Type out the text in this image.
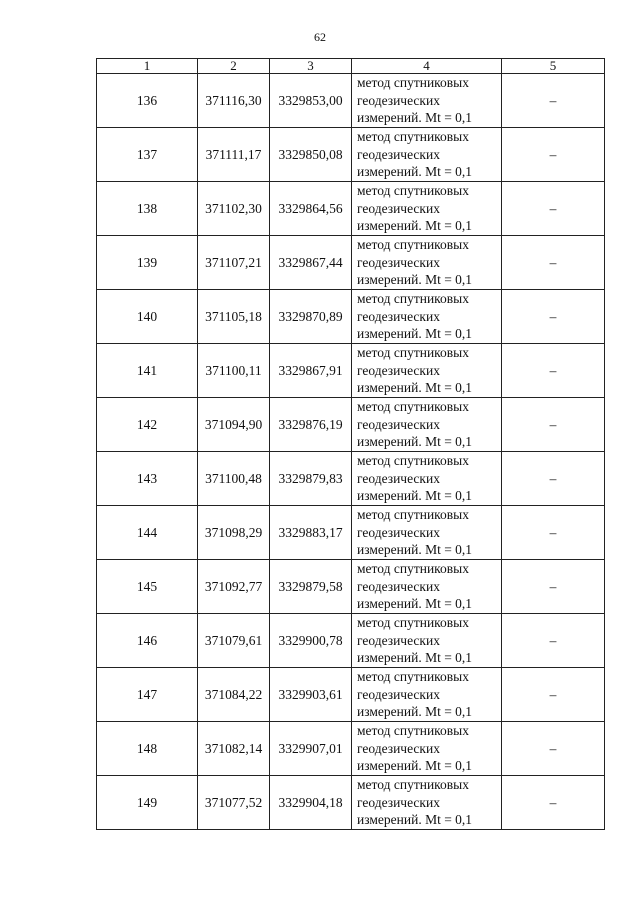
62
1	2	3	4	5
136	371116,30	3329853,00	метод спутниковых
геодезических
измерений. Mt = 0,1	–
137	371111,17	3329850,08	метод спутниковых
геодезических
измерений. Mt = 0,1	–
138	371102,30	3329864,56	метод спутниковых
геодезических
измерений. Mt = 0,1	–
139	371107,21	3329867,44	метод спутниковых
геодезических
измерений. Mt = 0,1	–
140	371105,18	3329870,89	метод спутниковых
геодезических
измерений. Mt = 0,1	–
141	371100,11	3329867,91	метод спутниковых
геодезических
измерений. Mt = 0,1	–
142	371094,90	3329876,19	метод спутниковых
геодезических
измерений. Mt = 0,1	–
143	371100,48	3329879,83	метод спутниковых
геодезических
измерений. Mt = 0,1	–
144	371098,29	3329883,17	метод спутниковых
геодезических
измерений. Mt = 0,1	–
145	371092,77	3329879,58	метод спутниковых
геодезических
измерений. Mt = 0,1	–
146	371079,61	3329900,78	метод спутниковых
геодезических
измерений. Mt = 0,1	–
147	371084,22	3329903,61	метод спутниковых
геодезических
измерений. Mt = 0,1	–
148	371082,14	3329907,01	метод спутниковых
геодезических
измерений. Mt = 0,1	–
149	371077,52	3329904,18	метод спутниковых
геодезических
измерений. Mt = 0,1	–
